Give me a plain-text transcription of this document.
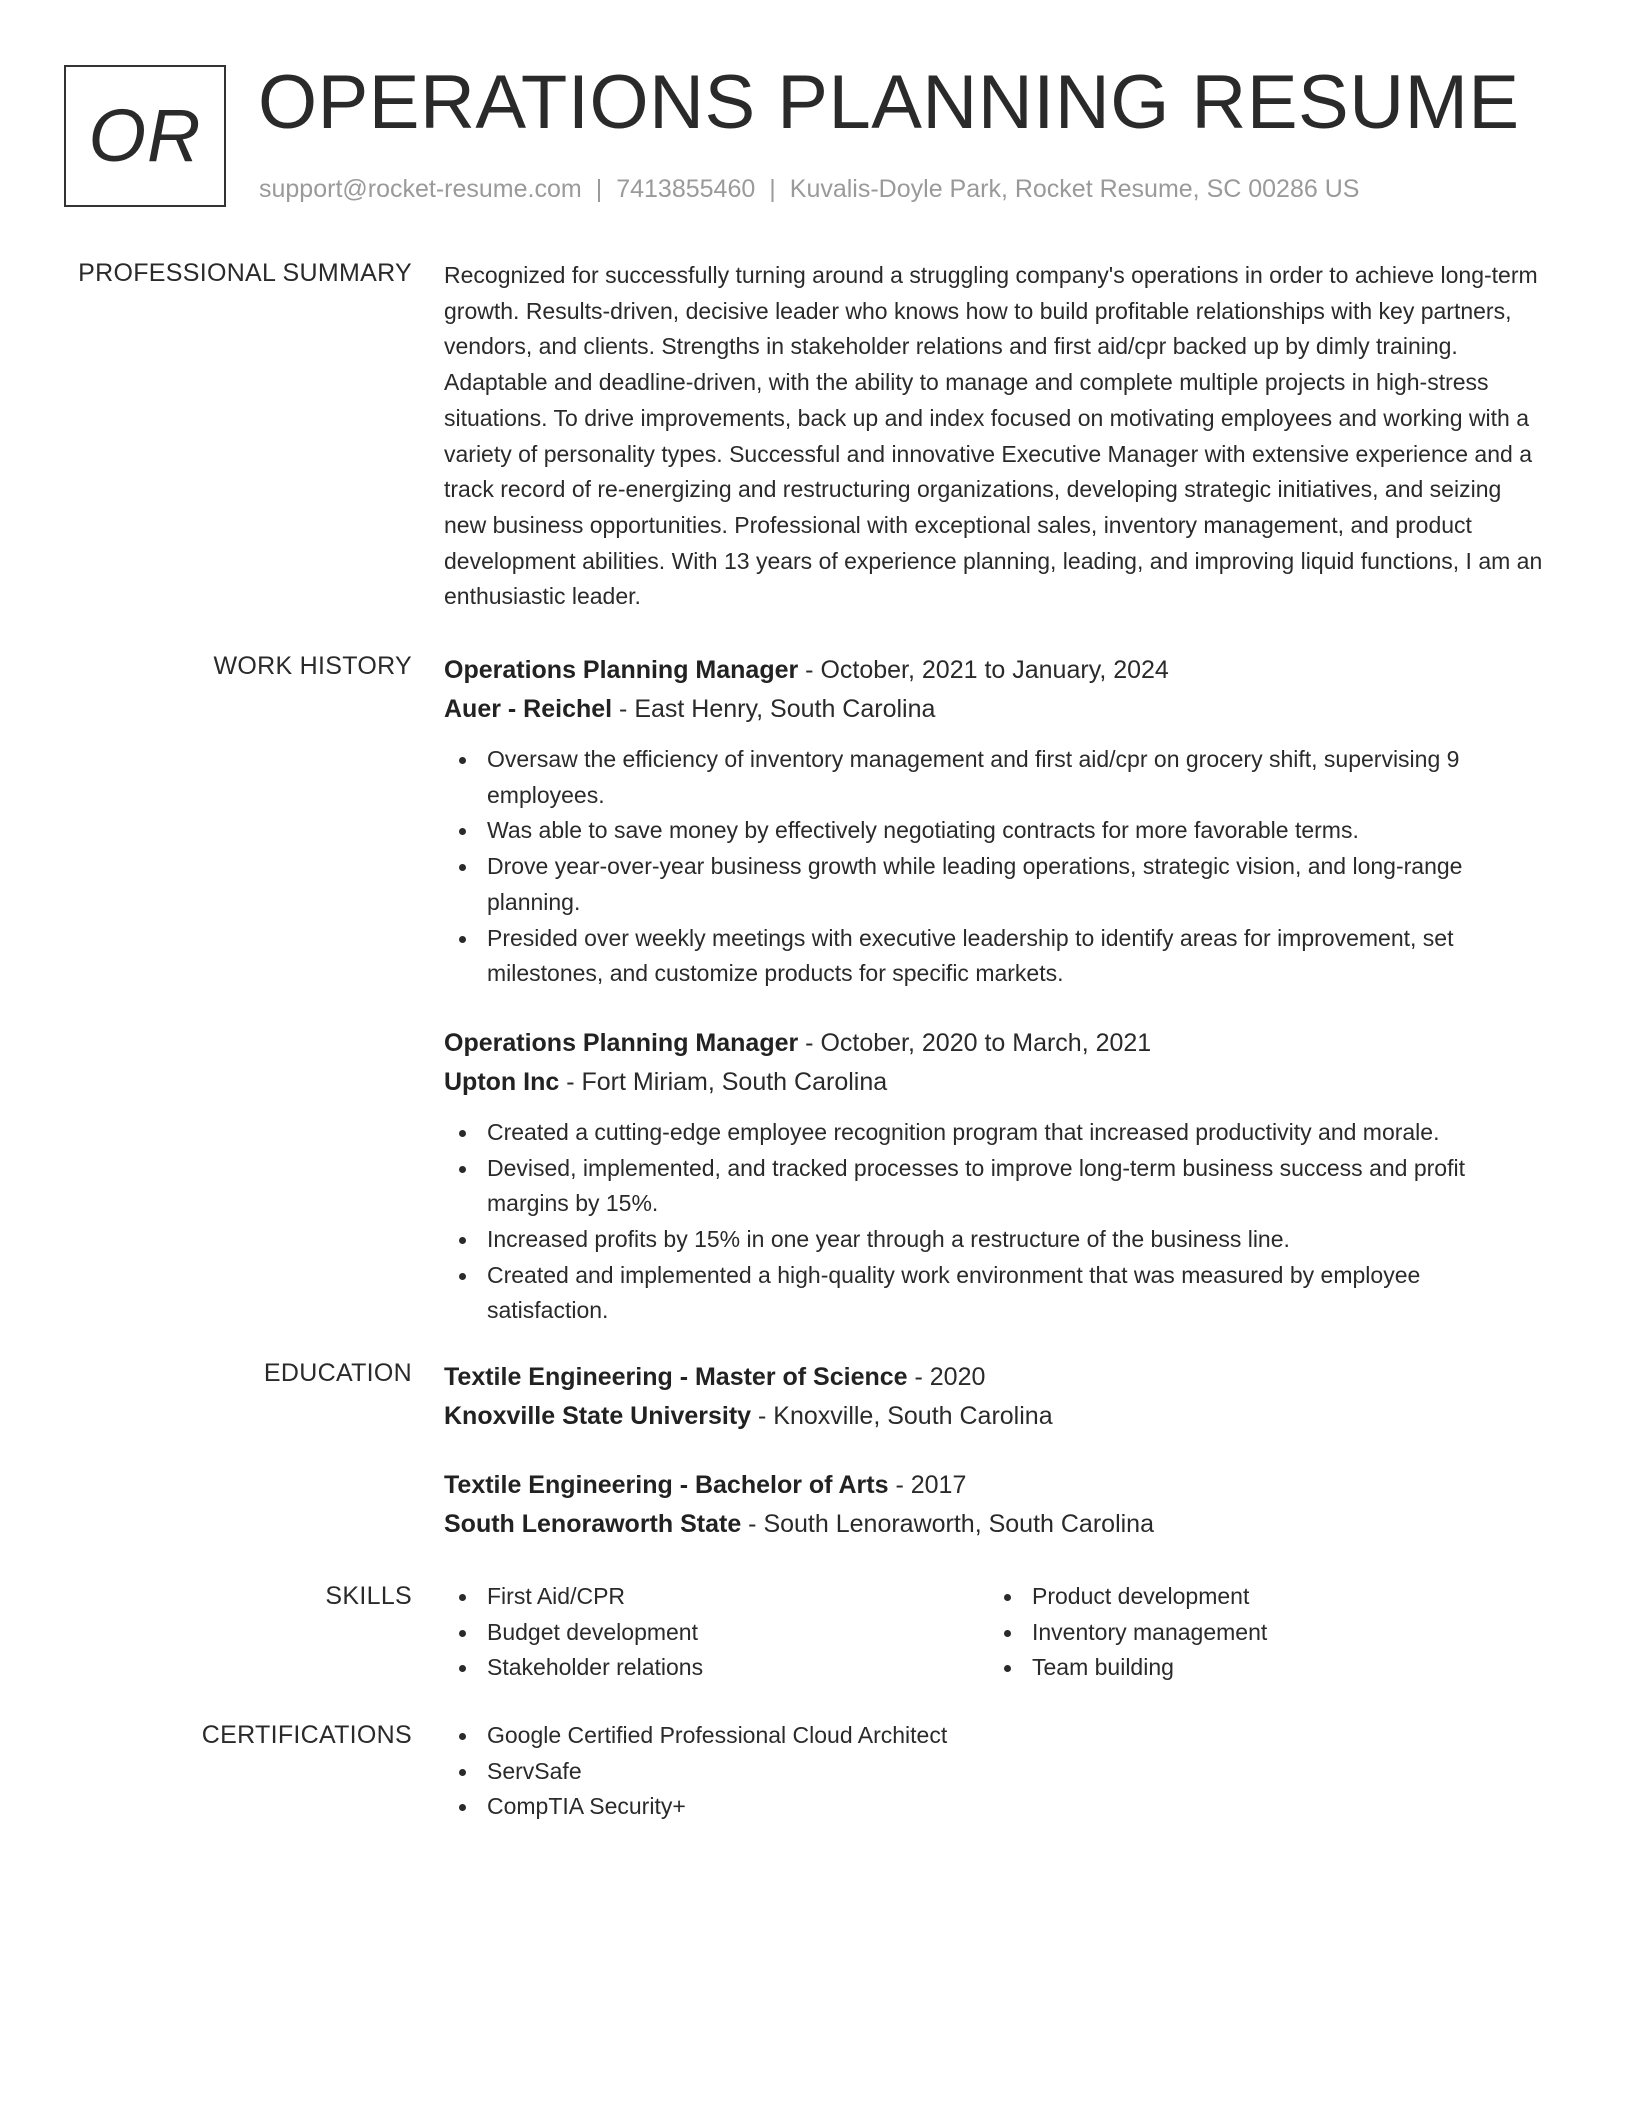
OR OPERATIONS PLANNING RESUME
support@rocket-resume.com | 7413855460 | Kuvalis-Doyle Park, Rocket Resume, SC 00286 US
PROFESSIONAL SUMMARY Recognized for successfully turning around a struggling company's operations in order to achieve long-term growth. Results-driven, decisive leader who knows how to build profitable relationships with key partners, vendors, and clients. Strengths in stakeholder relations and first aid/cpr backed up by dimly training. Adaptable and deadline-driven, with the ability to manage and complete multiple projects in high-stress situations. To drive improvements, back up and index focused on motivating employees and working with a variety of personality types. Successful and innovative Executive Manager with extensive experience and a track record of re-energizing and restructuring organizations, developing strategic initiatives, and seizing new business opportunities. Professional with exceptional sales, inventory management, and product development abilities. With 13 years of experience planning, leading, and improving liquid functions, I am an enthusiastic leader.

WORK HISTORY Operations Planning Manager - October, 2021 to January, 2024
Auer - Reichel - East Henry, South Carolina
Oversaw the efficiency of inventory management and first aid/cpr on grocery shift, supervising 9 employees.
Was able to save money by effectively negotiating contracts for more favorable terms.
Drove year-over-year business growth while leading operations, strategic vision, and long-range planning.
Presided over weekly meetings with executive leadership to identify areas for improvement, set milestones, and customize products for specific markets.
Operations Planning Manager - October, 2020 to March, 2021
Upton Inc - Fort Miriam, South Carolina
Created a cutting-edge employee recognition program that increased productivity and morale.
Devised, implemented, and tracked processes to improve long-term business success and profit margins by 15%.
Increased profits by 15% in one year through a restructure of the business line.
Created and implemented a high-quality work environment that was measured by employee satisfaction.
EDUCATION Textile Engineering - Master of Science - 2020
Knoxville State University - Knoxville, South Carolina
Textile Engineering - Bachelor of Arts - 2017
South Lenoraworth State - South Lenoraworth, South Carolina
SKILLS	First Aid/CPR
Budget development
Stakeholder relations
Product development
Inventory management
Team building
CERTIFICATIONS	Google Certified Professional Cloud Architect
ServSafe
CompTIA Security+
